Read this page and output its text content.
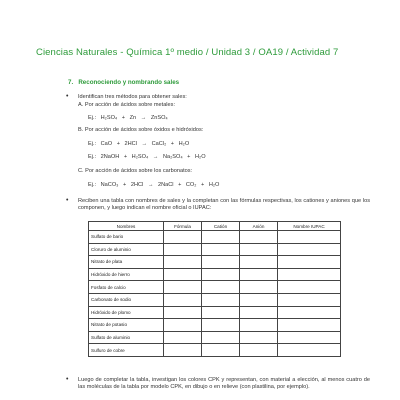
Ciencias Naturales - Química 1º medio / Unidad 3 / OA19 / Actividad 7
7. Reconociendo y nombrando sales
• Identifican tres métodos para obtener sales:
A. Por acción de ácidos sobre metales:
Ej.: H₂SO₄ + Zn → ZnSO₄
B. Por acción de ácidos sobre óxidos e hidróxidos:
Ej.: CaO + 2HCl → CaCl₂ + H₂O
Ej.: 2NaOH + H₂SO₄ → Na₂SO₄ + H₂O
C. Por acción de ácidos sobre los carbonatos:
Ej.: NaCO₃ + 2HCl → 2NaCl + CO₂ + H₂O
• Reciben una tabla con nombres de sales y la completan con las fórmulas respectivas, los cationes y aniones que los componen, y luego indican el nombre oficial o IUPAC:
Nombres	Fórmula	Catión	Anión	Nombre IUPAC
Sulfato de bario				
Cloruro de aluminio				
Nitrato de plata				
Hidróxido de hierro				
Fosfato de calcio				
Carbonato de sodio				
Hidróxido de plomo				
Nitrato de potasio				
Sulfato de aluminio				
Sulfuro de cobre				
• Luego de completar la tabla, investigan los colores CPK y representan, con material a elección, al menos cuatro de las moléculas de la tabla por modelo CPK, en dibujo o en relieve (con plastilina, por ejemplo).
